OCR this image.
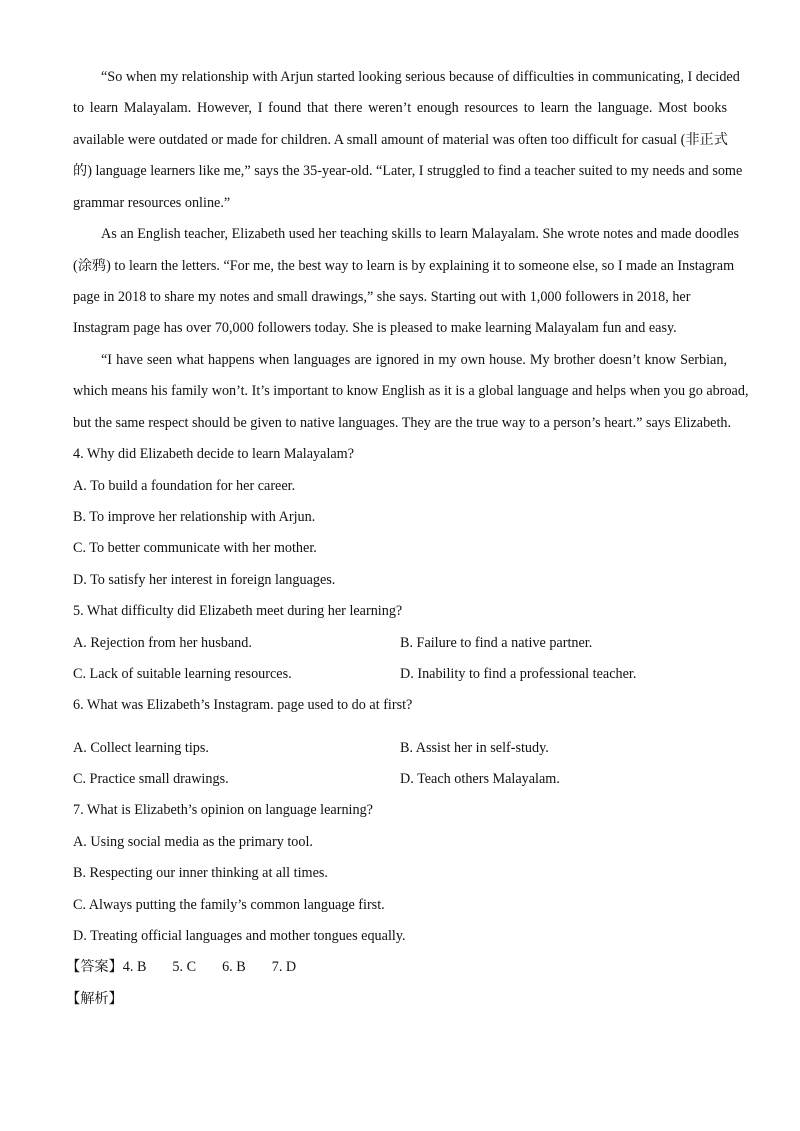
“So when my relationship with Arjun started looking serious because of difficulties in communicating, I decided
to learn Malayalam. However, I found that there weren’t enough resources to learn the language. Most books
available were outdated or made for children. A small amount of material was often too difficult for casual (非正式
的) language learners like me,” says the 35-year-old. “Later, I struggled to find a teacher suited to my needs and some
grammar resources online.”
As an English teacher, Elizabeth used her teaching skills to learn Malayalam. She wrote notes and made doodles
(涂鸦) to learn the letters. “For me, the best way to learn is by explaining it to someone else, so I made an Instagram
page in 2018 to share my notes and small drawings,” she says. Starting out with 1,000 followers in 2018, her
Instagram page has over 70,000 followers today. She is pleased to make learning Malayalam fun and easy.
“I have seen what happens when languages are ignored in my own house. My brother doesn’t know Serbian,
which means his family won’t. It’s important to know English as it is a global language and helps when you go abroad,
but the same respect should be given to native languages. They are the true way to a person’s heart.” says Elizabeth.
4. Why did Elizabeth decide to learn Malayalam?
A. To build a foundation for her career.
B. To improve her relationship with Arjun.
C. To better communicate with her mother.
D. To satisfy her interest in foreign languages.
5. What difficulty did Elizabeth meet during her learning?
A. Rejection from her husband.	B. Failure to find a native partner.
C. Lack of suitable learning resources.	D. Inability to find a professional teacher.
6. What was Elizabeth’s Instagram. page used to do at first?
A. Collect learning tips.	B. Assist her in self-study.
C. Practice small drawings.	D. Teach others Malayalam.
7. What is Elizabeth’s opinion on language learning?
A. Using social media as the primary tool.
B. Respecting our inner thinking at all times.
C. Always putting the family’s common language first.
D. Treating official languages and mother tongues equally.
【答案】4. B 5. C 6. B 7. D
【解析】
